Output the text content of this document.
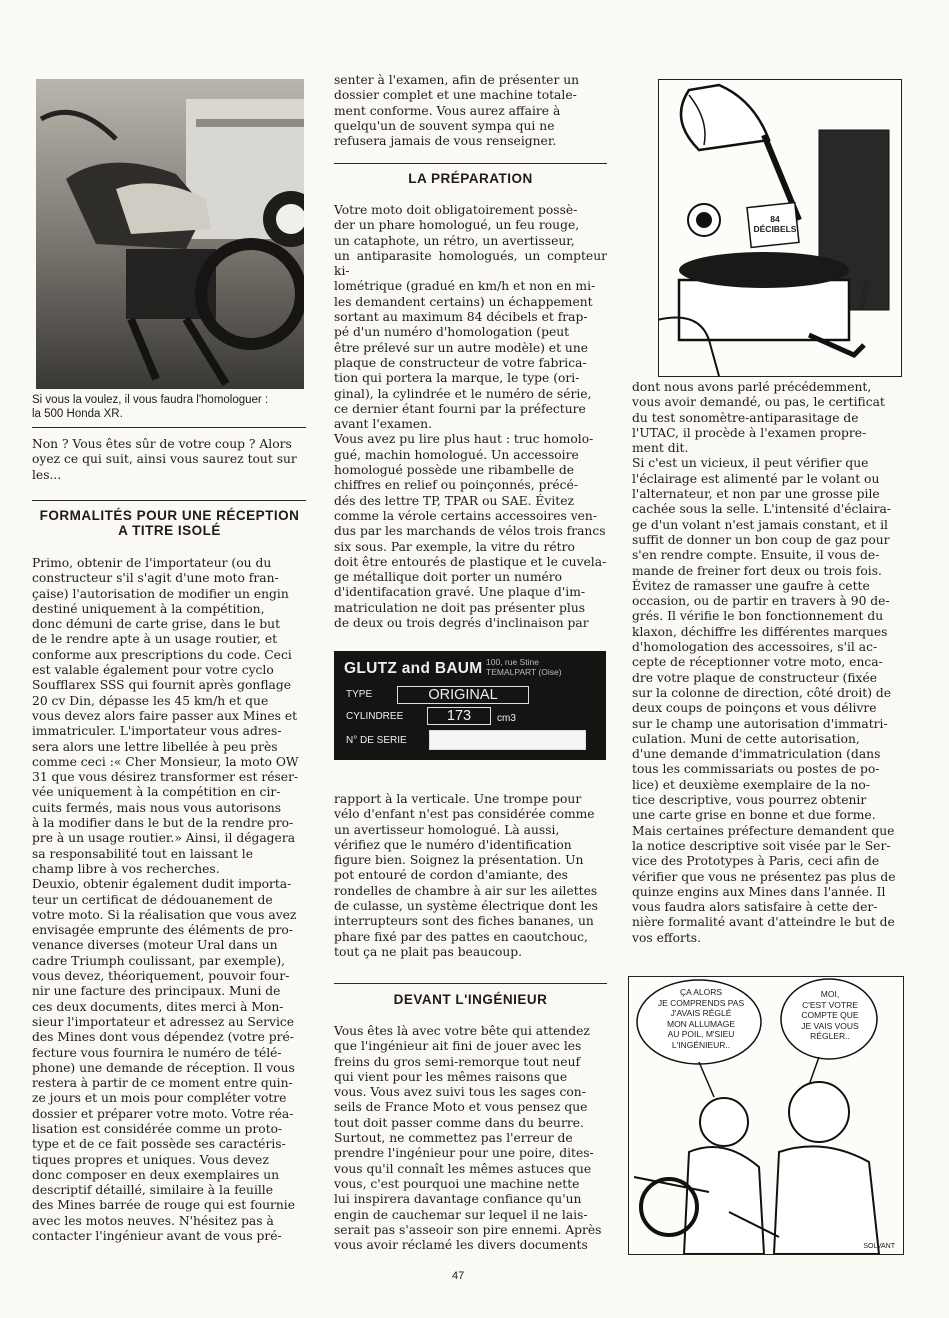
Si vous la voulez, il vous faudra l'homologuer :
la 500 Honda XR.

Non ? Vous êtes sûr de votre coup ? Alors
oyez ce qui suit, ainsi vous saurez tout sur
les...

FORMALITÉS POUR UNE RÉCEPTION
A TITRE ISOLÉ

Primo, obtenir de l'importateur (ou du
constructeur s'il s'agit d'une moto fran-
çaise) l'autorisation de modifier un engin
destiné uniquement à la compétition,
donc démuni de carte grise, dans le but
de le rendre apte à un usage routier, et
conforme aux prescriptions du code. Ceci
est valable également pour votre cyclo
Soufflarex SSS qui fournit après gonflage
20 cv Din, dépasse les 45 km/h et que
vous devez alors faire passer aux Mines et
immatriculer. L'importateur vous adres-
sera alors une lettre libellée à peu près
comme ceci :« Cher Monsieur, la moto OW
31 que vous désirez transformer est réser-
vée uniquement à la compétition en cir-
cuits fermés, mais nous vous autorisons
à la modifier dans le but de la rendre pro-
pre à un usage routier.» Ainsi, il dégagera
sa responsabilité tout en laissant le
champ libre à vos recherches.
Deuxio, obtenir également dudit importa-
teur un certificat de dédouanement de
votre moto. Si la réalisation que vous avez
envisagée emprunte des éléments de pro-
venance diverses (moteur Ural dans un
cadre Triumph coulissant, par exemple),
vous devez, théoriquement, pouvoir four-
nir une facture des principaux. Muni de
ces deux documents, dites merci à Mon-
sieur l'importateur et adressez au Service
des Mines dont vous dépendez (votre pré-
fecture vous fournira le numéro de télé-
phone) une demande de réception. Il vous
restera à partir de ce moment entre quin-
ze jours et un mois pour compléter votre
dossier et préparer votre moto. Votre réa-
lisation est considérée comme un proto-
type et de ce fait possède ses caractéris-
tiques propres et uniques. Vous devez
donc composer en deux exemplaires un
descriptif détaillé, similaire à la feuille
des Mines barrée de rouge qui est fournie
avec les motos neuves. N'hésitez pas à
contacter l'ingénieur avant de vous pré-

senter à l'examen, afin de présenter un
dossier complet et une machine totale-
ment conforme. Vous aurez affaire à
quelqu'un de souvent sympa qui ne
refusera jamais de vous renseigner.

LA PRÉPARATION

Votre moto doit obligatoirement possè-
der un phare homologué, un feu rouge,
un cataphote, un rétro, un avertisseur,
un antiparasite homologués, un compteur ki-
lométrique (gradué en km/h et non en mi-
les demandent certains) un échappement
sortant au maximum 84 décibels et frap-
pé d'un numéro d'homologation (peut
être prélevé sur un autre modèle) et une
plaque de constructeur de votre fabrica-
tion qui portera la marque, le type (ori-
ginal), la cylindrée et le numéro de série,
ce dernier étant fourni par la préfecture
avant l'examen.
Vous avez pu lire plus haut : truc homolo-
gué, machin homologué. Un accessoire
homologué possède une ribambelle de
chiffres en relief ou poinçonnés, précé-
dés des lettre TP, TPAR ou SAE. Évitez
comme la vérole certains accessoires ven-
dus par les marchands de vélos trois francs
six sous. Par exemple, la vitre du rétro
doit être entourés de plastique et le cuvela-
ge métallique doit porter un numéro
d'identifacation gravé. Une plaque d'im-
matriculation ne doit pas présenter plus
de deux ou trois degrés d'inclinaison par

GLUTZ and BAUM 100, rue Stine
TEMALPART (Oise)
TYPE	ORIGINAL
CYLINDREE	173	cm3
N° DE SERIE

rapport à la verticale. Une trompe pour
vélo d'enfant n'est pas considérée comme
un avertisseur homologué. Là aussi,
vérifiez que le numéro d'identification
figure bien. Soignez la présentation. Un
pot entouré de cordon d'amiante, des
rondelles de chambre à air sur les ailettes
de culasse, un système électrique dont les
interrupteurs sont des fiches bananes, un
phare fixé par des pattes en caoutchouc,
tout ça ne plait pas beaucoup.

DEVANT L'INGÉNIEUR

Vous êtes là avec votre bête qui attendez
que l'ingénieur ait fini de jouer avec les
freins du gros semi-remorque tout neuf
qui vient pour les mêmes raisons que
vous. Vous avez suivi tous les sages con-
seils de France Moto et vous pensez que
tout doit passer comme dans du beurre.
Surtout, ne commettez pas l'erreur de
prendre l'ingénieur pour une poire, dites-
vous qu'il connaît les mêmes astuces que
vous, c'est pourquoi une machine nette
lui inspirera davantage confiance qu'un
engin de cauchemar sur lequel il ne lais-
serait pas s'asseoir son pire ennemi. Après
vous avoir réclamé les divers documents

84
DÉCIBELS
SOLVANT

dont nous avons parlé précédemment,
vous avoir demandé, ou pas, le certificat
du test sonomètre-antiparasitage de
l'UTAC, il procède à l'examen propre-
ment dit.
Si c'est un vicieux, il peut vérifier que
l'éclairage est alimenté par le volant ou
l'alternateur, et non par une grosse pile
cachée sous la selle. L'intensité d'éclaira-
ge d'un volant n'est jamais constant, et il
suffit de donner un bon coup de gaz pour
s'en rendre compte. Ensuite, il vous de-
mande de freiner fort deux ou trois fois.
Évitez de ramasser une gaufre à cette
occasion, ou de partir en travers à 90 de-
grés. Il vérifie le bon fonctionnement du
klaxon, déchiffre les différentes marques
d'homologation des accessoires, s'il ac-
cepte de réceptionner votre moto, enca-
dre votre plaque de constructeur (fixée
sur la colonne de direction, côté droit) de
deux coups de poinçons et vous délivre
sur le champ une autorisation d'immatri-
culation. Muni de cette autorisation,
d'une demande d'immatriculation (dans
tous les commissariats ou postes de po-
lice) et deuxième exemplaire de la no-
tice descriptive, vous pourrez obtenir
une carte grise en bonne et due forme.
Mais certaines préfecture demandent que
la notice descriptive soit visée par le Ser-
vice des Prototypes à Paris, ceci afin de
vérifier que vous ne présentez pas plus de
quinze engins aux Mines dans l'année. Il
vous faudra alors satisfaire à cette der-
nière formalité avant d'atteindre le but de
vos efforts.

ÇA ALORS
JE COMPRENDS PAS
J'AVAIS RÉGLÉ
MON ALLUMAGE
AU POIL, M'SIEU
L'INGÉNIEUR..
MOI,
C'EST VOTRE
COMPTE QUE
JE VAIS VOUS
RÉGLER..
SOLVANT
47
